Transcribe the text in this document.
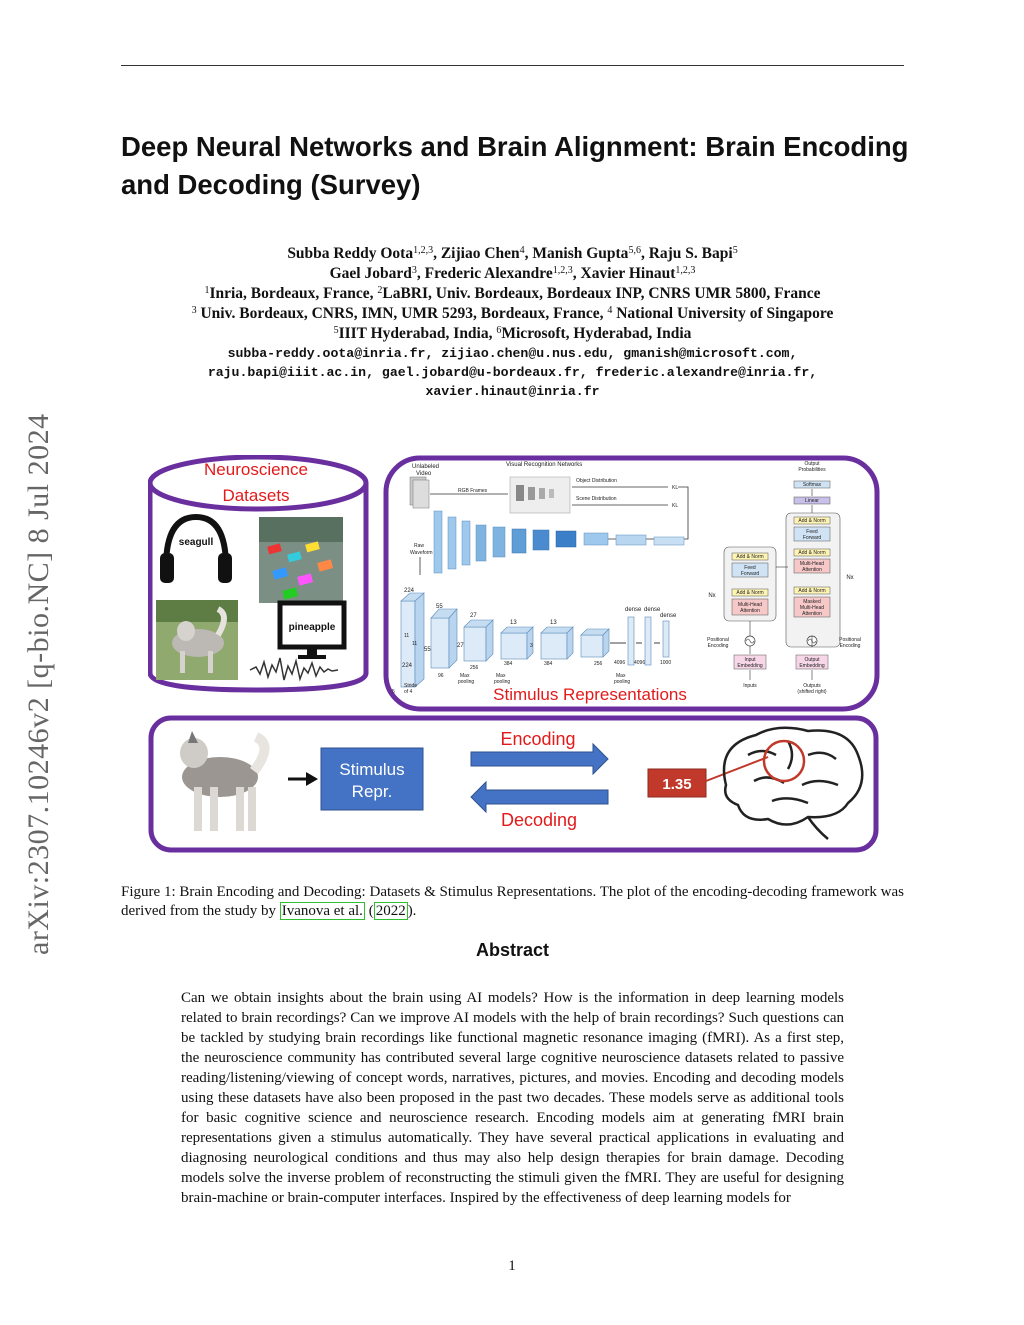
arXiv:2307.10246v2 [q-bio.NC] 8 Jul 2024
Deep Neural Networks and Brain Alignment: Brain Encoding and Decoding (Survey)
Subba Reddy Oota$^{1,2,3}$, Zijiao Chen$^4$, Manish Gupta$^{5,6}$, Raju S. Bapi$^5$
Gael Jobard$^3$, Frederic Alexandre$^{1,2,3}$, Xavier Hinaut$^{1,2,3}$
$^1$Inria, Bordeaux, France, $^2$LaBRI, Univ. Bordeaux, Bordeaux INP, CNRS UMR 5800, France
$^3$ Univ. Bordeaux, CNRS, IMN, UMR 5293, Bordeaux, France, $^4$ National University of Singapore
$^5$IIIT Hyderabad, India, $^6$Microsoft, Hyderabad, India
subba-reddy.oota@inria.fr, zijiao.chen@u.nus.edu, gmanish@microsoft.com,
raju.bapi@iiit.ac.in, gael.jobard@u-bordeaux.fr, frederic.alexandre@inria.fr,
xavier.hinaut@inria.fr
Neuroscience
Datasets
seagull
pineapple
Unlabeled
Video
Visual Recognition Networks
RGB Frames
Object Distribution
Scene Distribution
KL
KL
Raw
Waveform
224
224
11
11
Stride
of 4
5
55
55
96
27
27
256
Max
pooling
13
384
Max
pooling
13
3
384	256
dense dense
dense
4096 4096	1000
Max
pooling
Output
Probabilities
Softmax
Linear
Add & Norm
Feed
Forward
Add & Norm
Multi-Head
Attention
Add & Norm
Masked
Multi-Head
Attention
Nx
Add & Norm
Feed
Forward
Add & Norm
Multi-Head
Attention
Nx
Positional
Encoding
Positional
Encoding
Input
Embedding
Output
Embedding
Inputs	Outputs
(shifted right)
Stimulus Representations
Stimulus
Repr.
Encoding
Decoding
1.35
Figure 1: Brain Encoding and Decoding: Datasets & Stimulus Representations. The plot of the encoding-decoding framework was derived from the study by Ivanova et al. ( 2022 ).
Abstract

Can we obtain insights about the brain using AI models? How is the information in deep learning models related to brain recordings? Can we improve AI models with the help of brain recordings? Such questions can be tackled by studying brain recordings like functional magnetic resonance imaging (fMRI). As a first step, the neuroscience community has contributed several large cognitive neuroscience datasets related to passive reading/listening/viewing of concept words, narratives, pictures, and movies. Encoding and decoding models using these datasets have also been proposed in the past two decades. These models serve as additional tools for basic cognitive science and neuroscience research. Encoding models aim at generating fMRI brain representations given a stimulus automatically. They have several practical applications in evaluating and diagnosing neurological conditions and thus may also help design therapies for brain damage. Decoding models solve the inverse problem of reconstructing the stimuli given the fMRI. They are useful for designing brain-machine or brain-computer interfaces. Inspired by the effectiveness of deep learning models for

1
